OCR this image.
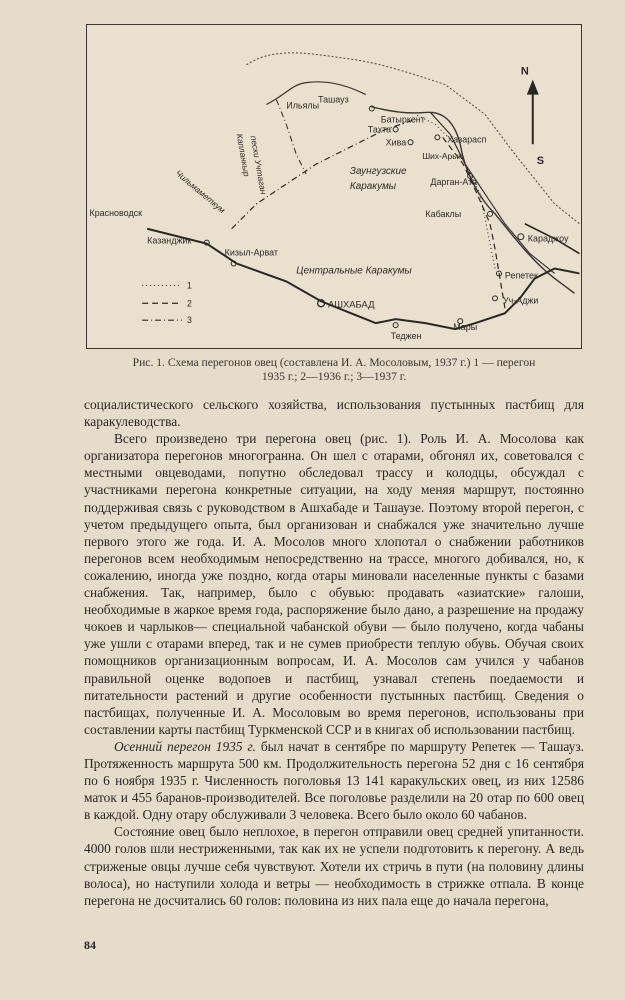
Ильялы
Ташауз
Батыркент
Тахта
Хива	Хазарасп
Ших-Арык
Заунгузские
Каракумы	Дарган-Ата
Кабаклы
Караджоу
Репетек
Уч-Аджи
Мары
Теджен
АШХАБАД
Кизыл-Арват
Казанджик
Красноводск
Центральные Каракумы
Чильмаметкум
Капланкыр
пески Учтаган
N
S
1
2
3
Рис. 1. Схема перегонов овец (составлена И. А. Мосоловым, 1937 г.) 1 — перегон
1935 г.; 2—1936 г.; 3—1937 г.

социалистического сельского хозяйства, использования пустынных пастбищ для каракулеводства.

Всего произведено три перегона овец (рис. 1). Роль И. А. Мосолова как организатора перегонов многогранна. Он шел с отарами, обгонял их, советовался с местными овцеводами, попутно обследовал трассу и колодцы, обсуждал с участниками перегона конкретные ситуации, на ходу меняя маршрут, постоянно поддерживая связь с руководством в Ашхабаде и Ташаузе. Поэтому второй перегон, с учетом предыдущего опыта, был организован и снабжался уже значительно лучше первого этого же года. И. А. Мосолов много хлопотал о снабжении работников перегонов всем необходимым непосредственно на трассе, многого добивался, но, к сожалению, иногда уже поздно, когда отары миновали населенные пункты с базами снабжения. Так, например, было с обувью: продавать «азиатские» галоши, необходимые в жаркое время года, распоряжение было дано, а разрешение на продажу чокоев и чарлыков— специальной чабанской обуви — было получено, когда чабаны уже ушли с отарами вперед, так и не сумев приобрести теплую обувь. Обучая своих помощников организационным вопросам, И. А. Мосолов сам учился у чабанов правильной оценке водопоев и пастбищ, узнавал степень поедаемости и питательности растений и другие особенности пустынных пастбищ. Сведения о пастбищах, полученные И. А. Мосоловым во время перегонов, использованы при составлении карты пастбищ Туркменской ССР и в книгах об использовании пастбищ.

Осенний перегон 1935 г. был начат в сентябре по маршруту Репетек — Ташауз. Протяженность маршрута 500 км. Продолжительность перегона 52 дня с 16 сентября по 6 ноября 1935 г. Численность поголовья 13 141 каракульских овец, из них 12586 маток и 455 баранов-производителей. Все поголовье разделили на 20 отар по 600 овец в каждой. Одну отару обслуживали 3 человека. Всего было около 60 чабанов.

Состояние овец было неплохое, в перегон отправили овец средней упитанности. 4000 голов шли нестриженными, так как их не успели подготовить к перегону. А ведь стриженые овцы лучше себя чувствуют. Хотели их стричь в пути (на половину длины волоса), но наступили холода и ветры — необходимость в стрижке отпала. В конце перегона не досчитались 60 голов: половина из них пала еще до начала перегона,

84
